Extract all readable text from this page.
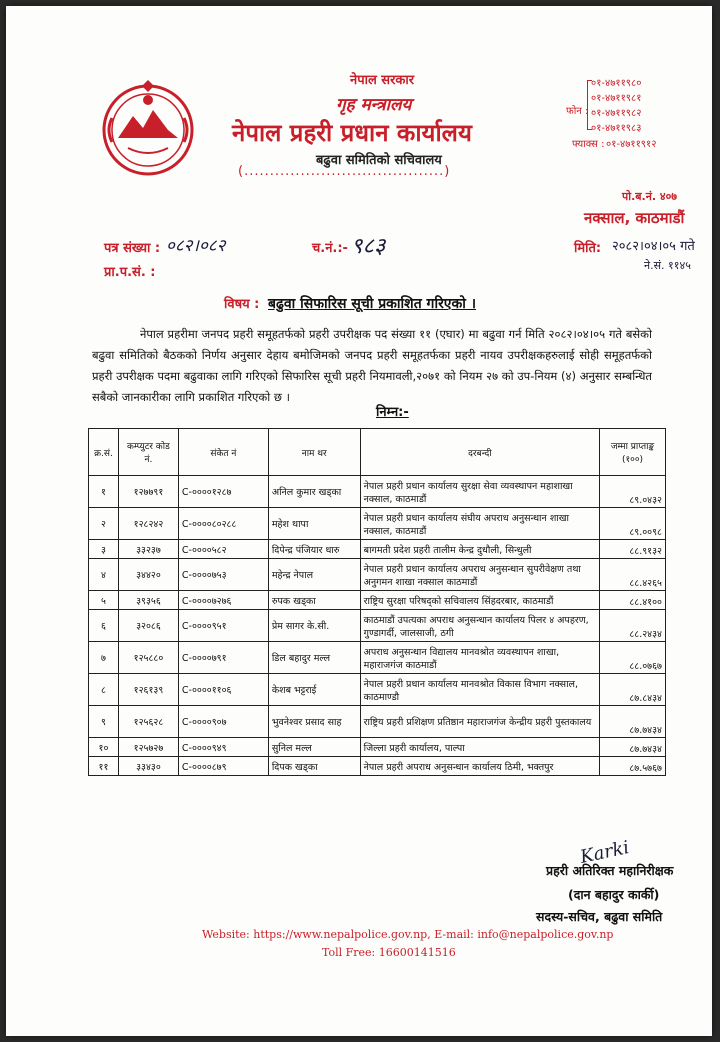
नेपाल सरकार
गृह मन्त्रालय
नेपाल प्रहरी प्रधान कार्यालय
बढुवा समितिको सचिवालय
(.......................................)
फोन : -
०१-४७११९८०
०१-४७११९८१
०१-४७११९८२
०१-४७११९८३
फ्याक्स : ०१-४७११९१२
पो.ब.नं. ४०७
नक्साल, काठमाडौं
पत्र संख्या : ०८२।०८२	च.नं.:- ९८३	मिति: २०८२।०४।०५ गते
ने.सं. ११४५
प्रा.प.सं. :
विषय : बढुवा सिफारिस सूची प्रकाशित गरिएको ।

नेपाल प्रहरीमा जनपद प्रहरी समूहतर्फको प्रहरी उपरीक्षक पद संख्या ११ (एघार) मा बढुवा गर्न मिति २०८२।०४।०५ गते बसेको बढुवा समितिको बैठकको निर्णय अनुसार देहाय बमोजिमको जनपद प्रहरी समूहतर्फका प्रहरी नायव उपरीक्षकहरुलाई सोही समूहतर्फको प्रहरी उपरीक्षक पदमा बढुवाका लागि गरिएको सिफारिस सूची प्रहरी नियमावली,२०७१ को नियम २७ को उप-नियम (४) अनुसार सम्बन्धित सबैको जानकारीका लागि प्रकाशित गरिएको छ ।

निम्न:-
क्र.सं.	कम्प्युटर कोड नं.	संकेत नं	नाम थर	दरबन्दी	जम्मा प्राप्ताङ्क (१००)
१	१२७७९१	C-००००१२८७	अनिल कुमार खड्का	नेपाल प्रहरी प्रधान कार्यालय सुरक्षा सेवा व्यवस्थापन महाशाखा नक्साल, काठमाडौं	८९.०४३२
२	१२८२४२	C-००००८०२८८	महेश थापा	नेपाल प्रहरी प्रधान कार्यालय संघीय अपराध अनुसन्धान शाखा नक्साल, काठमाडौं	८९.००९८
३	३३२३७	C-००००५८२	दिपेन्द्र पंजियार धारु	बागमती प्रदेश प्रहरी तालीम केन्द्र दुधौली, सिन्धुली	८८.९१३२
४	३४४२०	C-००००७५३	महेन्द्र नेपाल	नेपाल प्रहरी प्रधान कार्यालय अपराध अनुसन्धान सुपरीवेक्षण तथा अनुगमन शाखा नक्साल काठमाडौं	८८.४२६५
५	३९३५६	C-००००७२७६	रुपक खड्का	राष्ट्रिय सुरक्षा परिषद्को सचिवालय सिंहदरबार, काठमाडौं	८८.४१००
६	३२०८६	C-००००९५१	प्रेम सागर के.सी.	काठमाडौं उपत्यका अपराध अनुसन्धान कार्यालय पिलर ४ अपहरण, गुण्डागर्दी, जालसाजी, ठगी	८८.२४३४
७	१२५८८०	C-००००७९१	डिल बहादुर मल्ल	अपराध अनुसन्धान विद्यालय मानवश्रोत व्यवस्थापन शाखा, महाराजगंज काठमाडौं	८८.०७६७
८	१२६१३९	C-००००११०६	केशब भट्टराई	नेपाल प्रहरी प्रधान कार्यालय मानवश्रोत विकास विभाग नक्साल, काठमाण्डौ	८७.८४३४
९	१२५६२८	C-००००९०७	भुवनेश्वर प्रसाद साह	राष्ट्रिय प्रहरी प्रशिक्षण प्रतिष्ठान महाराजगंज केन्द्रीय प्रहरी पुस्तकालय	८७.७४३४
१०	१२५७२७	C-००००९४९	सुनिल मल्ल	जिल्ला प्रहरी कार्यालय, पाल्पा	८७.७४३४
११	३३४३०	C-००००८७९	दिपक खड्का	नेपाल प्रहरी अपराध अनुसन्धान कार्यालय ठिमी, भक्तपुर	८७.५७६७
Karki
प्रहरी अतिरिक्त महानिरीक्षक
(दान बहादुर कार्की)
सदस्य-सचिव, बढुवा समिति
Website: https://www.nepalpolice.gov.np, E-mail: info@nepalpolice.gov.np
Toll Free: 16600141516
